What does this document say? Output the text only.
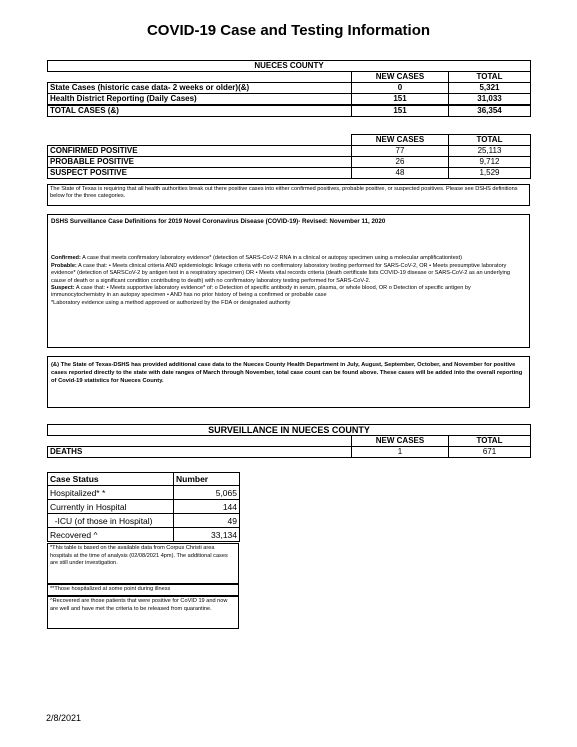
COVID-19 Case and Testing Information
NUECES COUNTY		
	NEW CASES	TOTAL
State Cases (historic case data- 2 weeks or older)(&)	0	5,321
Health District Reporting (Daily Cases)	151	31,033
TOTAL CASES (&)	151	36,354
	NEW CASES	TOTAL
CONFIRMED POSITIVE	77	25,113
PROBABLE POSITIVE	26	9,712
SUSPECT POSITIVE	48	1,529
The State of Texas is requiring that all health authorities break out there positive cases into either confirmed positives, probable positive, or suspected positives. Please see DSHS definitions below for the three categories.
DSHS Surveillance Case Definitions for 2019 Novel Coronavirus Disease (COVID-19)- Revised: November 11, 2020
Confirmed: A case that meets confirmatory laboratory evidence* (detection of SARS-CoV-2 RNA in a clinical or autopsy specimen using a molecular amplificationtest)
Probable: A case that: • Meets clinical criteria AND epidemiologic linkage criteria with no confirmatory laboratory testing performed for SARS-CoV-2, OR • Meets presumptive laboratory evidence* (detection of SARSCoV-2 by antigen test in a respiratory specimen) OR • Meets vital records criteria (death certificate lists COVID-19 disease or SARS-CoV-2 as an underlying cause of death or a significant condition contributing to death) with no confirmatory laboratory testing performed for SARS-CoV-2.
Suspect: A case that: • Meets supportive laboratory evidence* of: o Detection of specific antibody in serum, plasma, or whole blood, OR o Detection of specific antigen by immunocytochemistry in an autopsy specimen • AND has no prior history of being a confirmed or probable case
*Laboratory evidence using a method approved or authorized by the FDA or designated authority
(&) The State of Texas-DSHS has provided additional case data to the Nueces County Health Department in July, August, September, October, and November for positive cases reported directly to the state with date ranges of March through November, total case count can be found above. These cases will be added into the overall reporting of Covid-19 statistics for Nueces County.
SURVEILLANCE IN NUECES COUNTY		
	NEW CASES	TOTAL
DEATHS	1	671
Case Status	Number
Hospitalized* *	5,065
Currently in Hospital	144
-ICU (of those in Hospital)	49
Recovered ^	33,134
*This table is based on the available data from Corpus Christi area hospitals at the time of analysis (02/08/2021 4pm). The additional cases are still under investigation.
**Those hospitalized at some point during illness
^Recovered are those patients that were positive for CoVID 19 and now are well and have met the criteria to be released from quarantine.
2/8/2021
